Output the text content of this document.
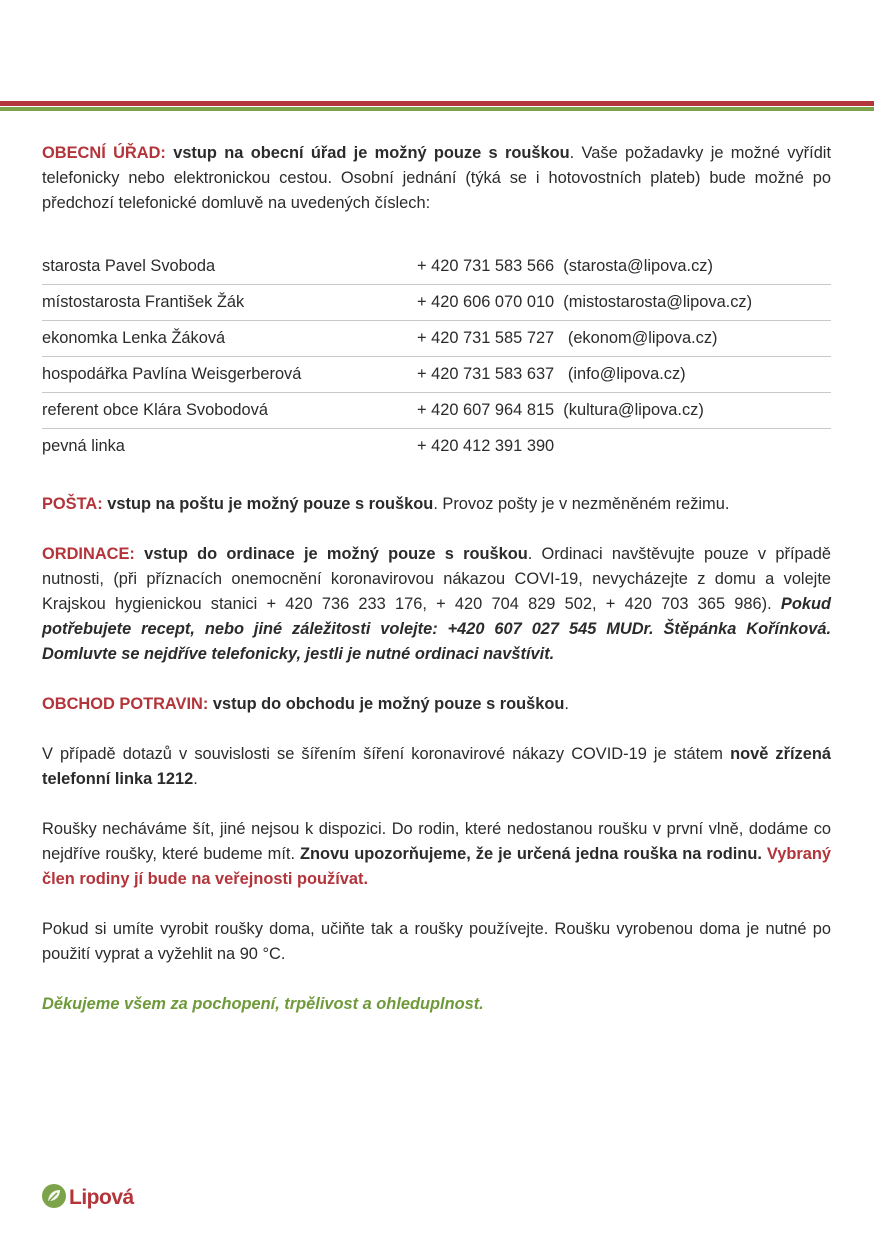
OBECNÍ ÚŘAD: vstup na obecní úřad je možný pouze s rouškou. Vaše požadavky je možné vyřídit telefonicky nebo elektronickou cestou. Osobní jednání (týká se i hotovostních plateb) bude možné po předchozí telefonické domluvě na uvedených číslech:

starosta Pavel Svoboda	+ 420 731 583 566 (starosta@lipova.cz)
místostarosta František Žák	+ 420 606 070 010 (mistostarosta@lipova.cz)
ekonomka Lenka Žáková	+ 420 731 585 727 (ekonom@lipova.cz)
hospodářka Pavlína Weisgerberová	+ 420 731 583 637 (info@lipova.cz)
referent obce Klára Svobodová	+ 420 607 964 815 (kultura@lipova.cz)
pevná linka	+ 420 412 391 390

POŠTA: vstup na poštu je možný pouze s rouškou. Provoz pošty je v nezměněném režimu.

ORDINACE: vstup do ordinace je možný pouze s rouškou. Ordinaci navštěvujte pouze v případě nutnosti, (při příznacích onemocnění koronavirovou nákazou COVI-19, nevycházejte z domu a volejte Krajskou hygienickou stanici + 420 736 233 176, + 420 704 829 502, + 420 703 365 986). Pokud potřebujete recept, nebo jiné záležitosti volejte: +420 607 027 545 MUDr. Štěpánka Kořínková. Domluvte se nejdříve telefonicky, jestli je nutné ordinaci navštívit.

OBCHOD POTRAVIN: vstup do obchodu je možný pouze s rouškou.

V případě dotazů v souvislosti se šířením šíření koronavirové nákazy COVID-19 je státem nově zřízená telefonní linka 1212.

Roušky necháváme šít, jiné nejsou k dispozici. Do rodin, které nedostanou roušku v první vlně, dodáme co nejdříve roušky, které budeme mít. Znovu upozorňujeme, že je určená jedna rouška na rodinu. Vybraný člen rodiny jí bude na veřejnosti používat.

Pokud si umíte vyrobit roušky doma, učiňte tak a roušky používejte. Roušku vyrobenou doma je nutné po použití vyprat a vyžehlit na 90 °C.

Děkujeme všem za pochopení, trpělivost a ohleduplnost.

Lipová
